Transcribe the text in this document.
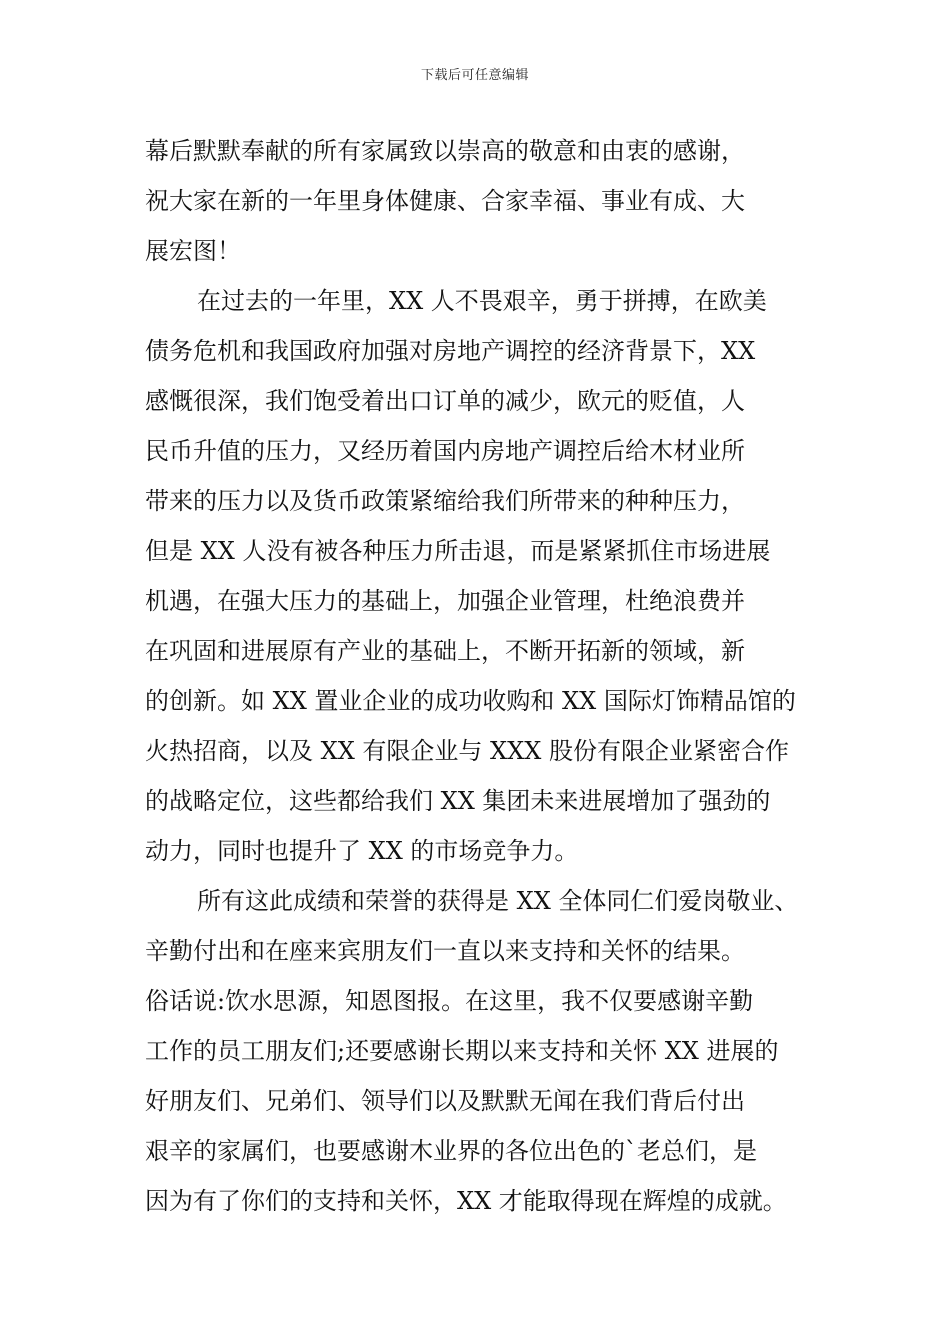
下载后可任意编辑
幕后默默奉献的所有家属致以崇高的敬意和由衷的感谢，
祝大家在新的一年里身体健康、合家幸福、事业有成、大
展宏图！
在过去的一年里，XX 人不畏艰辛，勇于拼搏，在欧美
债务危机和我国政府加强对房地产调控的经济背景下，XX
感慨很深，我们饱受着出口订单的减少，欧元的贬值，人
民币升值的压力，又经历着国内房地产调控后给木材业所
带来的压力以及货币政策紧缩给我们所带来的种种压力，
但是 XX 人没有被各种压力所击退，而是紧紧抓住市场进展
机遇，在强大压力的基础上，加强企业管理，杜绝浪费并
在巩固和进展原有产业的基础上，不断开拓新的领域，新
的创新。如 XX 置业企业的成功收购和 XX 国际灯饰精品馆的
火热招商，以及 XX 有限企业与 XXX 股份有限企业紧密合作
的战略定位，这些都给我们 XX 集团未来进展增加了强劲的
动力，同时也提升了 XX 的市场竞争力。
所有这此成绩和荣誉的获得是 XX 全体同仁们爱岗敬业、
辛勤付出和在座来宾朋友们一直以来支持和关怀的结果。
俗话说:饮水思源，知恩图报。在这里，我不仅要感谢辛勤
工作的员工朋友们;还要感谢长期以来支持和关怀 XX 进展的
好朋友们、兄弟们、领导们以及默默无闻在我们背后付出
艰辛的家属们，也要感谢木业界的各位出色的`老总们，是
因为有了你们的支持和关怀，XX 才能取得现在辉煌的成就。
